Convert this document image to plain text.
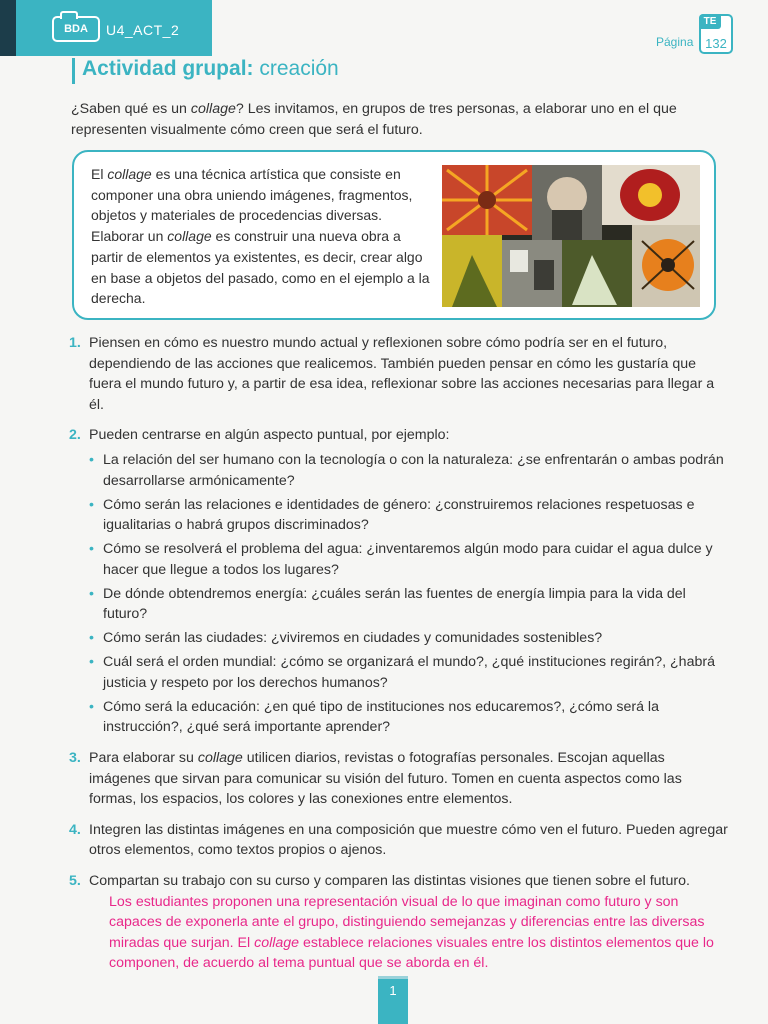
BDA	U4_ACT_2
Página
TE
132
Actividad grupal: creación
¿Saben qué es un collage? Les invitamos, en grupos de tres personas, a elaborar uno en el que representen visualmente cómo creen que será el futuro.
El collage es una técnica artística que consiste en componer una obra uniendo imágenes, fragmentos, objetos y materiales de procedencias diversas. Elaborar un collage es construir una nueva obra a partir de elementos ya existentes, es decir, crear algo en base a objetos del pasado, como en el ejemplo a la derecha.
1. Piensen en cómo es nuestro mundo actual y reflexionen sobre cómo podría ser en el futuro, dependiendo de las acciones que realicemos. También pueden pensar en cómo les gustaría que fuera el mundo futuro y, a partir de esa idea, reflexionar sobre las acciones necesarias para llegar a él.
2. Pueden centrarse en algún aspecto puntual, por ejemplo:
• La relación del ser humano con la tecnología o con la naturaleza: ¿se enfrentarán o ambas podrán desarrollarse armónicamente?
• Cómo serán las relaciones e identidades de género: ¿construiremos relaciones respetuosas e igualitarias o habrá grupos discriminados?
• Cómo se resolverá el problema del agua: ¿inventaremos algún modo para cuidar el agua dulce y hacer que llegue a todos los lugares?
• De dónde obtendremos energía: ¿cuáles serán las fuentes de energía limpia para la vida del futuro?
• Cómo serán las ciudades: ¿viviremos en ciudades y comunidades sostenibles?
• Cuál será el orden mundial: ¿cómo se organizará el mundo?, ¿qué instituciones regirán?, ¿habrá justicia y respeto por los derechos humanos?
• Cómo será la educación: ¿en qué tipo de instituciones nos educaremos?, ¿cómo será la instrucción?, ¿qué será importante aprender?
3. Para elaborar su collage utilicen diarios, revistas o fotografías personales. Escojan aquellas imágenes que sirvan para comunicar su visión del futuro. Tomen en cuenta aspectos como las formas, los espacios, los colores y las conexiones entre elementos.
4. Integren las distintas imágenes en una composición que muestre cómo ven el futuro. Pueden agregar otros elementos, como textos propios o ajenos.
5. Compartan su trabajo con su curso y comparen las distintas visiones que tienen sobre el futuro.
Los estudiantes proponen una representación visual de lo que imaginan como futuro y son capaces de exponerla ante el grupo, distinguiendo semejanzas y diferencias entre las diversas miradas que surjan. El collage establece relaciones visuales entre los distintos elementos que lo componen, de acuerdo al tema puntual que se aborda en él.
1
